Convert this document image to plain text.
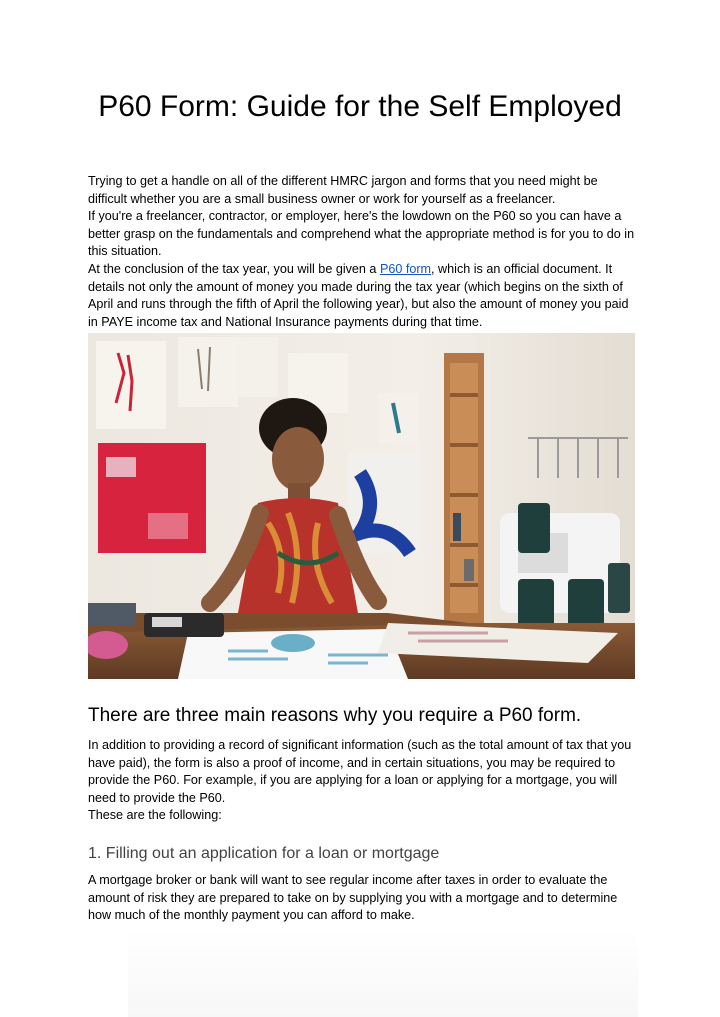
P60 Form: Guide for the Self Employed

Trying to get a handle on all of the different HMRC jargon and forms that you need might be difficult whether you are a small business owner or work for yourself as a freelancer.

If you're a freelancer, contractor, or employer, here's the lowdown on the P60 so you can have a better grasp on the fundamentals and comprehend what the appropriate method is for you to do in this situation.

At the conclusion of the tax year, you will be given a P60 form, which is an official document. It details not only the amount of money you made during the tax year (which begins on the sixth of April and runs through the fifth of April the following year), but also the amount of money you paid in PAYE income tax and National Insurance payments during that time.

There are three main reasons why you require a P60 form.

In addition to providing a record of significant information (such as the total amount of tax that you have paid), the form is also a proof of income, and in certain situations, you may be required to provide the P60. For example, if you are applying for a loan or applying for a mortgage, you will need to provide the P60.

These are the following:

1. Filling out an application for a loan or mortgage

A mortgage broker or bank will want to see regular income after taxes in order to evaluate the amount of risk they are prepared to take on by supplying you with a mortgage and to determine how much of the monthly payment you can afford to make.
